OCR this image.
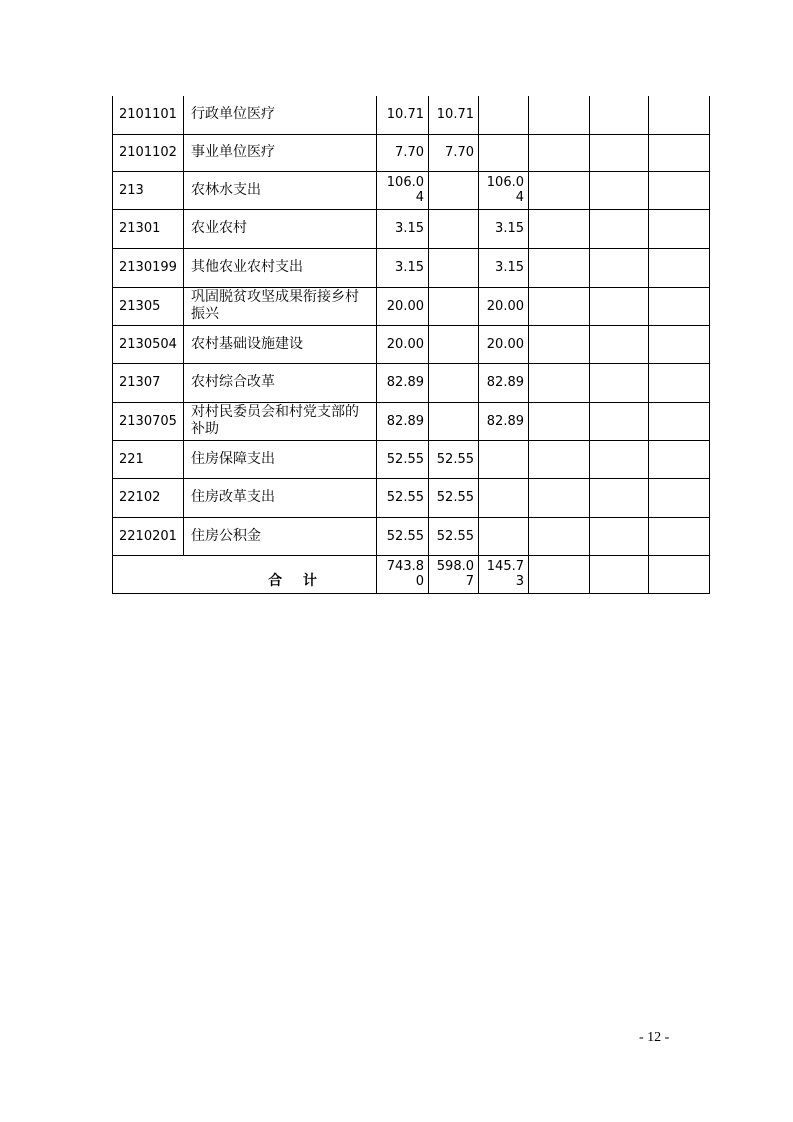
2101101	行政单位医疗	10.71	10.71				
2101102	事业单位医疗	7.70	7.70				
213	农林水支出	106.04		106.04			
21301	农业农村	3.15		3.15			
2130199	其他农业农村支出	3.15		3.15			
21305	巩固脱贫攻坚成果衔接乡村振兴	20.00		20.00			
2130504	农村基础设施建设	20.00		20.00			
21307	农村综合改革	82.89		82.89			
2130705	对村民委员会和村党支部的补助	82.89		82.89			
221	住房保障支出	52.55	52.55				
22102	住房改革支出	52.55	52.55				
2210201	住房公积金	52.55	52.55				
合 计		743.80	598.07	145.73			
- 12 -
